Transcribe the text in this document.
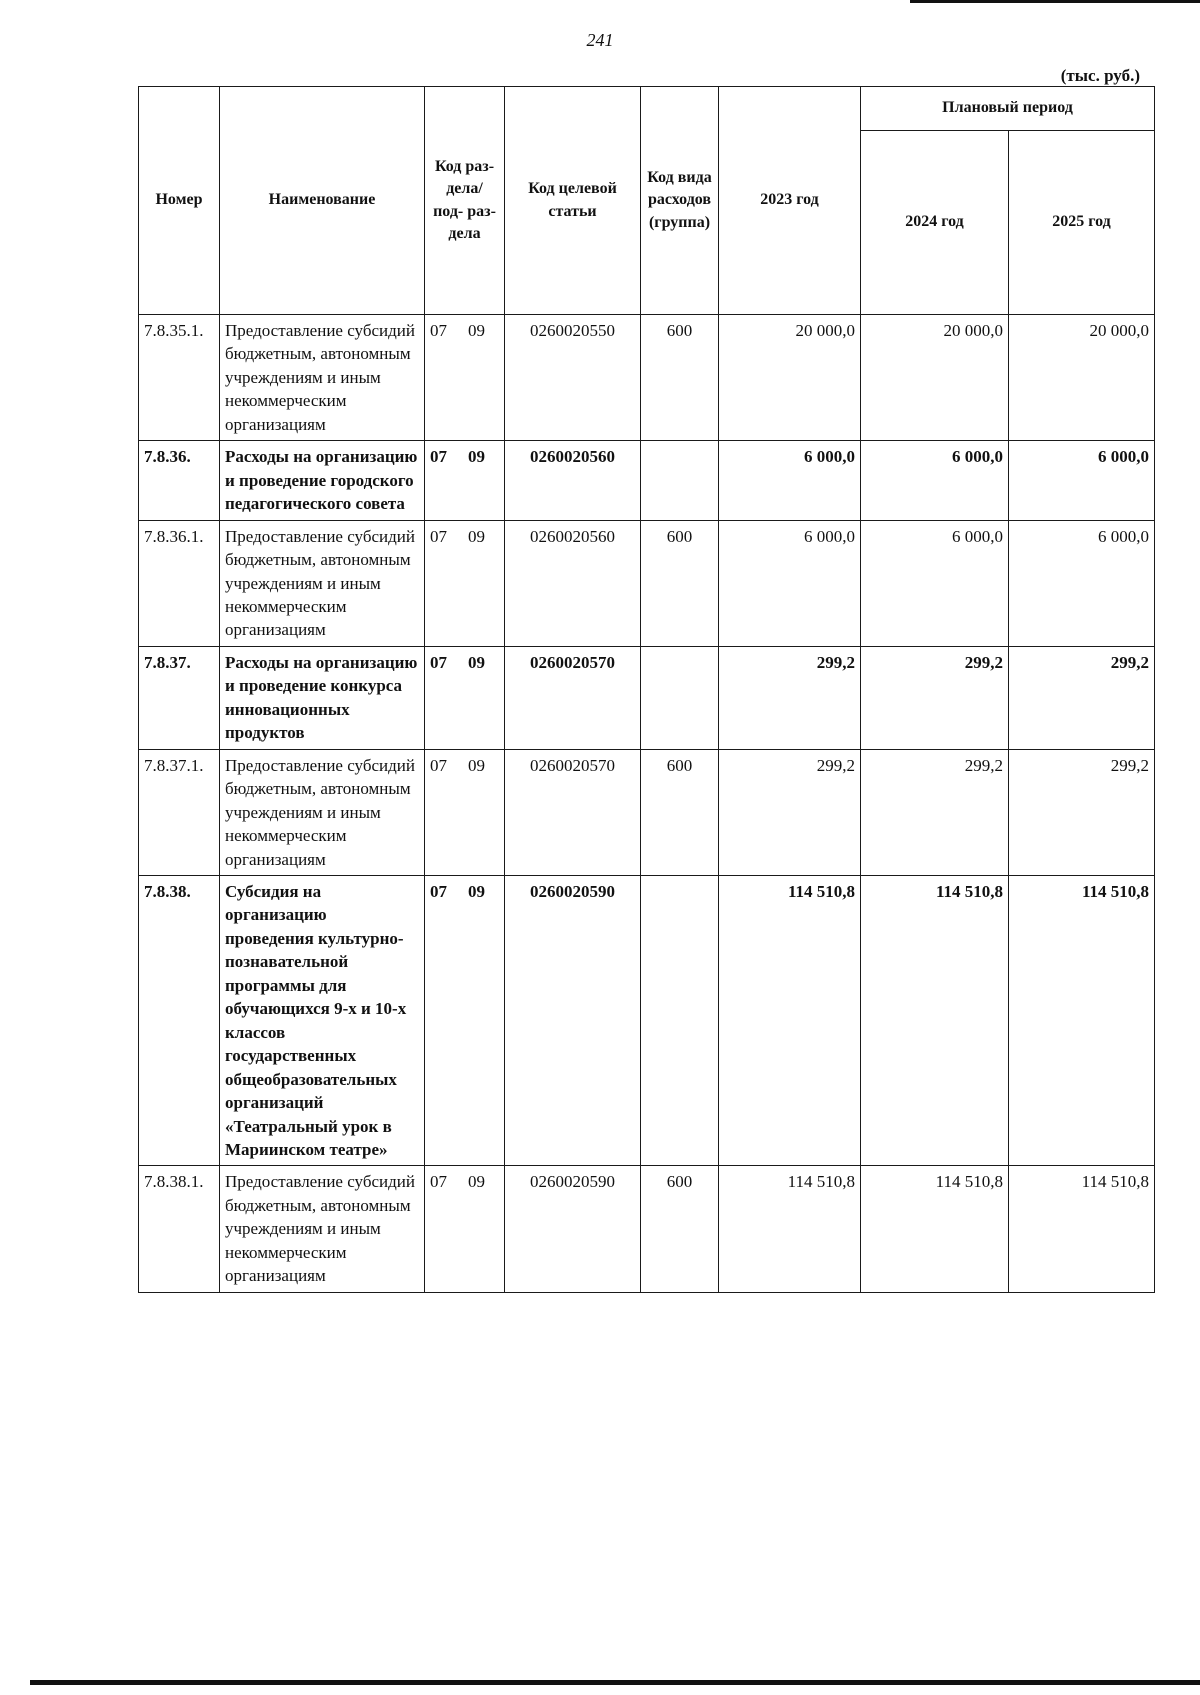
241
(тыс. руб.)
Номер	Наименование	Код раз- дела/ под- раз- дела	Код целевой статьи	Код вида расходов (группа)	2023 год	Плановый период	
						2024 год	2025 год
7.8.35.1.	Предоставление субсидий бюджетным, автономным учреждениям и иным некоммерческим организациям	07 09	0260020550	600	20 000,0	20 000,0	20 000,0
7.8.36.	Расходы на организацию и проведение городского педагогического совета	07 09	0260020560		6 000,0	6 000,0	6 000,0
7.8.36.1.	Предоставление субсидий бюджетным, автономным учреждениям и иным некоммерческим организациям	07 09	0260020560	600	6 000,0	6 000,0	6 000,0
7.8.37.	Расходы на организацию и проведение конкурса инновационных продуктов	07 09	0260020570		299,2	299,2	299,2
7.8.37.1.	Предоставление субсидий бюджетным, автономным учреждениям и иным некоммерческим организациям	07 09	0260020570	600	299,2	299,2	299,2
7.8.38.	Субсидия на организацию проведения культурно-познавательной программы для обучающихся 9-х и 10-х классов государственных общеобразовательных организаций «Театральный урок в Мариинском театре»	07 09	0260020590		114 510,8	114 510,8	114 510,8
7.8.38.1.	Предоставление субсидий бюджетным, автономным учреждениям и иным некоммерческим организациям	07 09	0260020590	600	114 510,8	114 510,8	114 510,8
